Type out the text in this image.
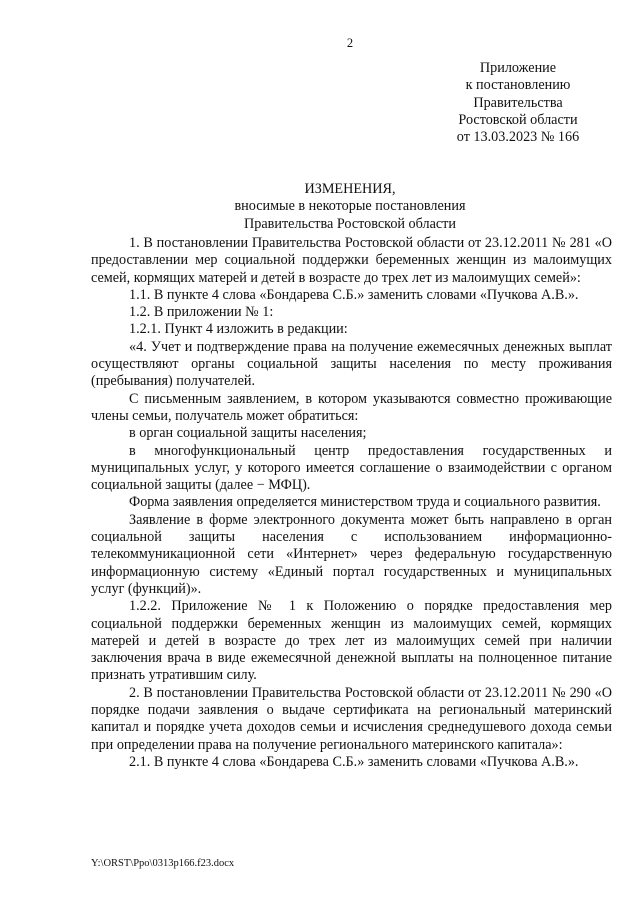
2
Приложение
к постановлению
Правительства
Ростовской области
от 13.03.2023 № 166
ИЗМЕНЕНИЯ,
вносимые в некоторые постановления
Правительства Ростовской области

1. В постановлении Правительства Ростовской области от 23.12.2011 № 281 «О предоставлении мер социальной поддержки беременных женщин из малоимущих семей, кормящих матерей и детей в возрасте до трех лет из малоимущих семей»:

1.1. В пункте 4 слова «Бондарева С.Б.» заменить словами «Пучкова А.В.».

1.2. В приложении № 1:

1.2.1. Пункт 4 изложить в редакции:

«4. Учет и подтверждение права на получение ежемесячных денежных выплат осуществляют органы социальной защиты населения по месту проживания (пребывания) получателей.

С письменным заявлением, в котором указываются совместно проживающие члены семьи, получатель может обратиться:

в орган социальной защиты населения;

в многофункциональный центр предоставления государственных и муниципальных услуг, у которого имеется соглашение о взаимодействии с органом социальной защиты (далее − МФЦ).

Форма заявления определяется министерством труда и социального развития.

Заявление в форме электронного документа может быть направлено в орган социальной защиты населения с использованием информационно-телекоммуникационной сети «Интернет» через федеральную государственную информационную систему «Единый портал государственных и муниципальных услуг (функций)».

1.2.2. Приложение № 1 к Положению о порядке предоставления мер социальной поддержки беременных женщин из малоимущих семей, кормящих матерей и детей в возрасте до трех лет из малоимущих семей при наличии заключения врача в виде ежемесячной денежной выплаты на полноценное питание признать утратившим силу.

2. В постановлении Правительства Ростовской области от 23.12.2011 № 290 «О порядке подачи заявления о выдаче сертификата на региональный материнский капитал и порядке учета доходов семьи и исчисления среднедушевого дохода семьи при определении права на получение регионального материнского капитала»:

2.1. В пункте 4 слова «Бондарева С.Б.» заменить словами «Пучкова А.В.».

Y:\ORST\Ppo\0313p166.f23.docx
